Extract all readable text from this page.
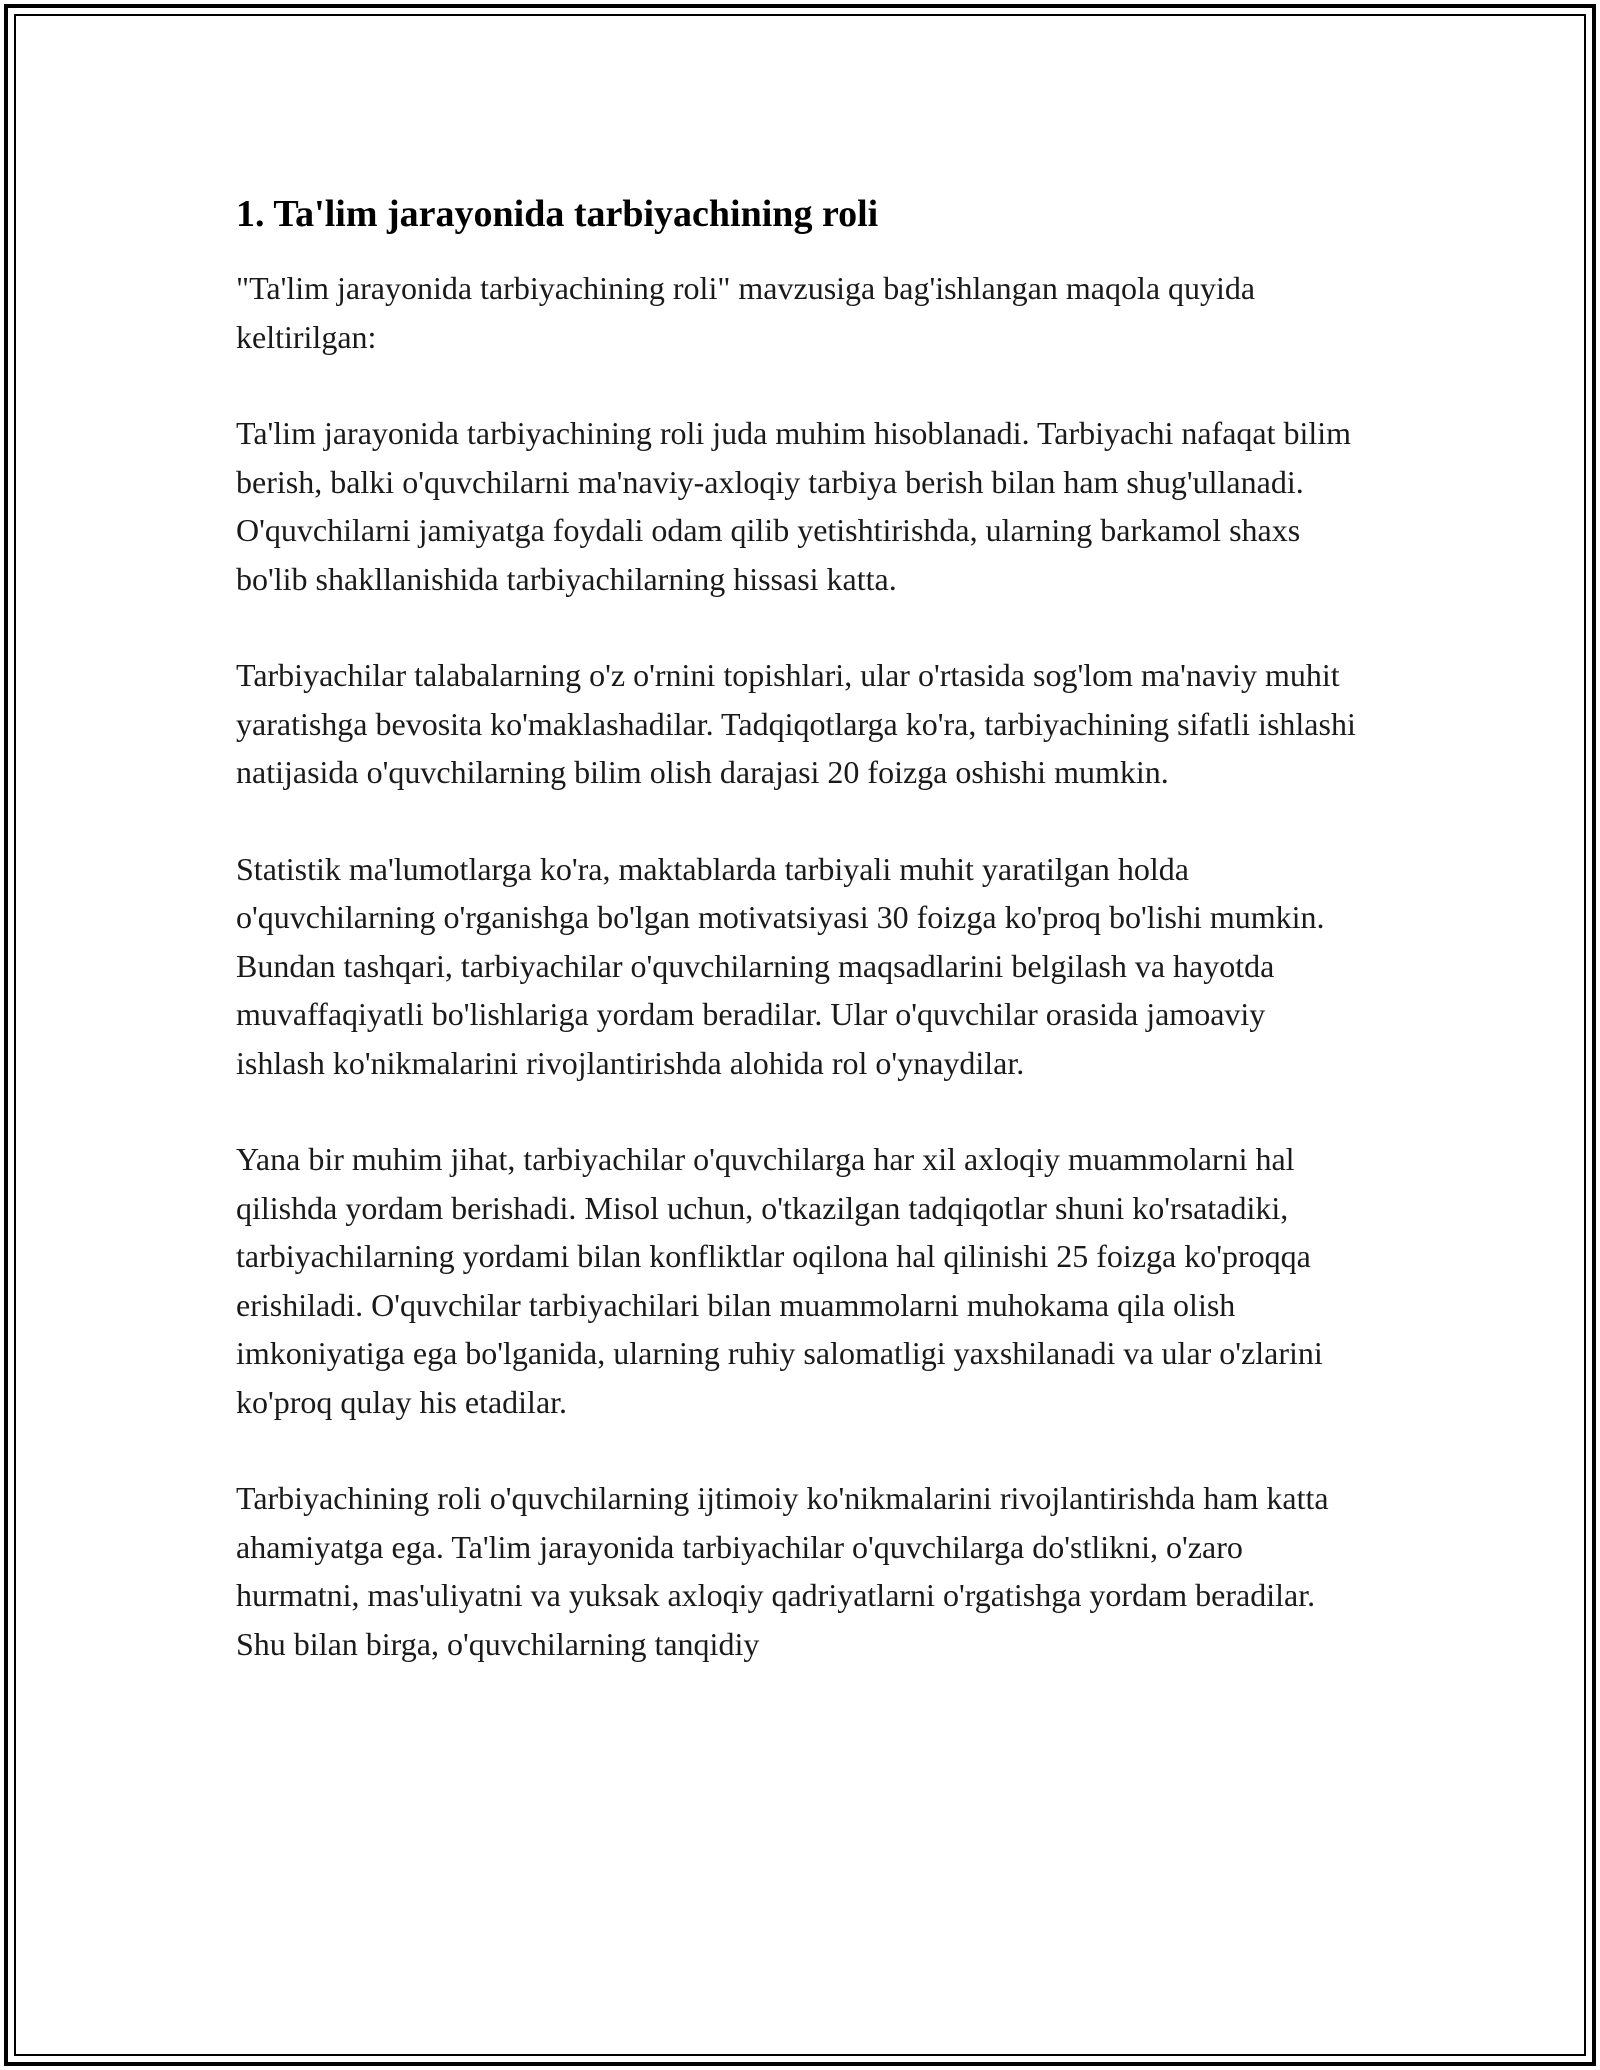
1. Ta'lim jarayonida tarbiyachining roli

"Ta'lim jarayonida tarbiyachining roli" mavzusiga bag'ishlangan maqola quyida keltirilgan:

Ta'lim jarayonida tarbiyachining roli juda muhim hisoblanadi. Tarbiyachi nafaqat bilim berish, balki o'quvchilarni ma'naviy-axloqiy tarbiya berish bilan ham shug'ullanadi. O'quvchilarni jamiyatga foydali odam qilib yetishtirishda, ularning barkamol shaxs bo'lib shakllanishida tarbiyachilarning hissasi katta.

Tarbiyachilar talabalarning o'z o'rnini topishlari, ular o'rtasida sog'lom ma'naviy muhit yaratishga bevosita ko'maklashadilar. Tadqiqotlarga ko'ra, tarbiyachining sifatli ishlashi natijasida o'quvchilarning bilim olish darajasi 20 foizga oshishi mumkin.

Statistik ma'lumotlarga ko'ra, maktablarda tarbiyali muhit yaratilgan holda o'quvchilarning o'rganishga bo'lgan motivatsiyasi 30 foizga ko'proq bo'lishi mumkin. Bundan tashqari, tarbiyachilar o'quvchilarning maqsadlarini belgilash va hayotda muvaffaqiyatli bo'lishlariga yordam beradilar. Ular o'quvchilar orasida jamoaviy ishlash ko'nikmalarini rivojlantirishda alohida rol o'ynaydilar.

Yana bir muhim jihat, tarbiyachilar o'quvchilarga har xil axloqiy muammolarni hal qilishda yordam berishadi. Misol uchun, o'tkazilgan tadqiqotlar shuni ko'rsatadiki, tarbiyachilarning yordami bilan konfliktlar oqilona hal qilinishi 25 foizga ko'proqqa erishiladi. O'quvchilar tarbiyachilari bilan muammolarni muhokama qila olish imkoniyatiga ega bo'lganida, ularning ruhiy salomatligi yaxshilanadi va ular o'zlarini ko'proq qulay his etadilar.

Tarbiyachining roli o'quvchilarning ijtimoiy ko'nikmalarini rivojlantirishda ham katta ahamiyatga ega. Ta'lim jarayonida tarbiyachilar o'quvchilarga do'stlikni, o'zaro hurmatni, mas'uliyatni va yuksak axloqiy qadriyatlarni o'rgatishga yordam beradilar. Shu bilan birga, o'quvchilarning tanqidiy
